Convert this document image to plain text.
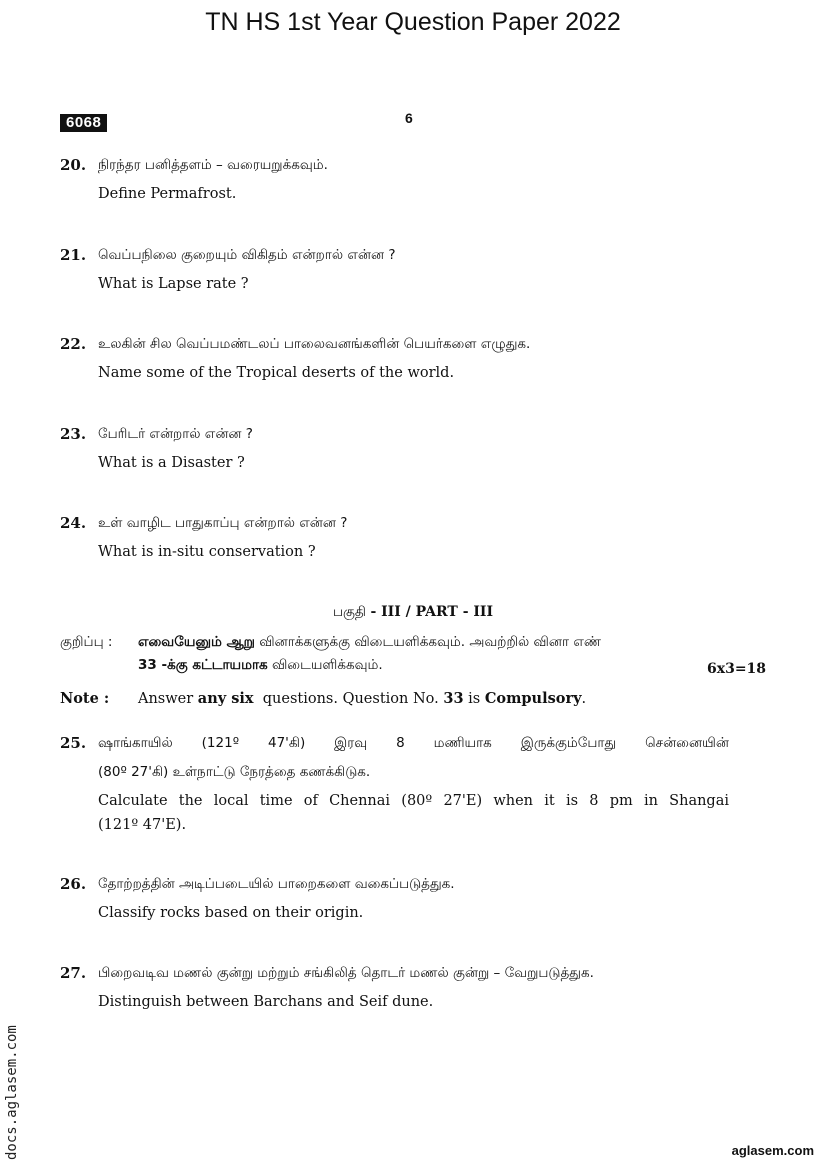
TN HS 1st Year Question Paper 2022
6068	6
20. நிரந்தர பனித்தளம் – வரையறுக்கவும்.
Define Permafrost.
21. வெப்பநிலை குறையும் விகிதம் என்றால் என்ன ?
What is Lapse rate ?
22. உலகின் சில வெப்பமண்டலப் பாலைவனங்களின் பெயர்களை எழுதுக.
Name some of the Tropical deserts of the world.
23. பேரிடர் என்றால் என்ன ?
What is a Disaster ?
24. உள் வாழிட பாதுகாப்பு என்றால் என்ன ?
What is in-situ conservation ?
பகுதி - III / PART - III
குறிப்பு : எவையேனும் ஆறு வினாக்களுக்கு விடையளிக்கவும். அவற்றில் வினா எண்
33 -க்கு கட்டாயமாக விடையளிக்கவும்.	6x3=18
Note : Answer any six questions. Question No. 33 is Compulsory.
25. ஷாங்காயில் (121º 47'கி) இரவு 8 மணியாக இருக்கும்போது சென்னையின்
(80º 27'கி) உள்நாட்டு நேரத்தை கணக்கிடுக.
Calculate the local time of Chennai (80º 27'E) when it is 8 pm in Shangai
(121º 47'E).
26. தோற்றத்தின் அடிப்படையில் பாறைகளை வகைப்படுத்துக.
Classify rocks based on their origin.
27. பிறைவடிவ மணல் குன்று மற்றும் சங்கிலித் தொடர் மணல் குன்று – வேறுபடுத்துக.
Distinguish between Barchans and Seif dune.
docs.aglasem.com	aglasem.com
